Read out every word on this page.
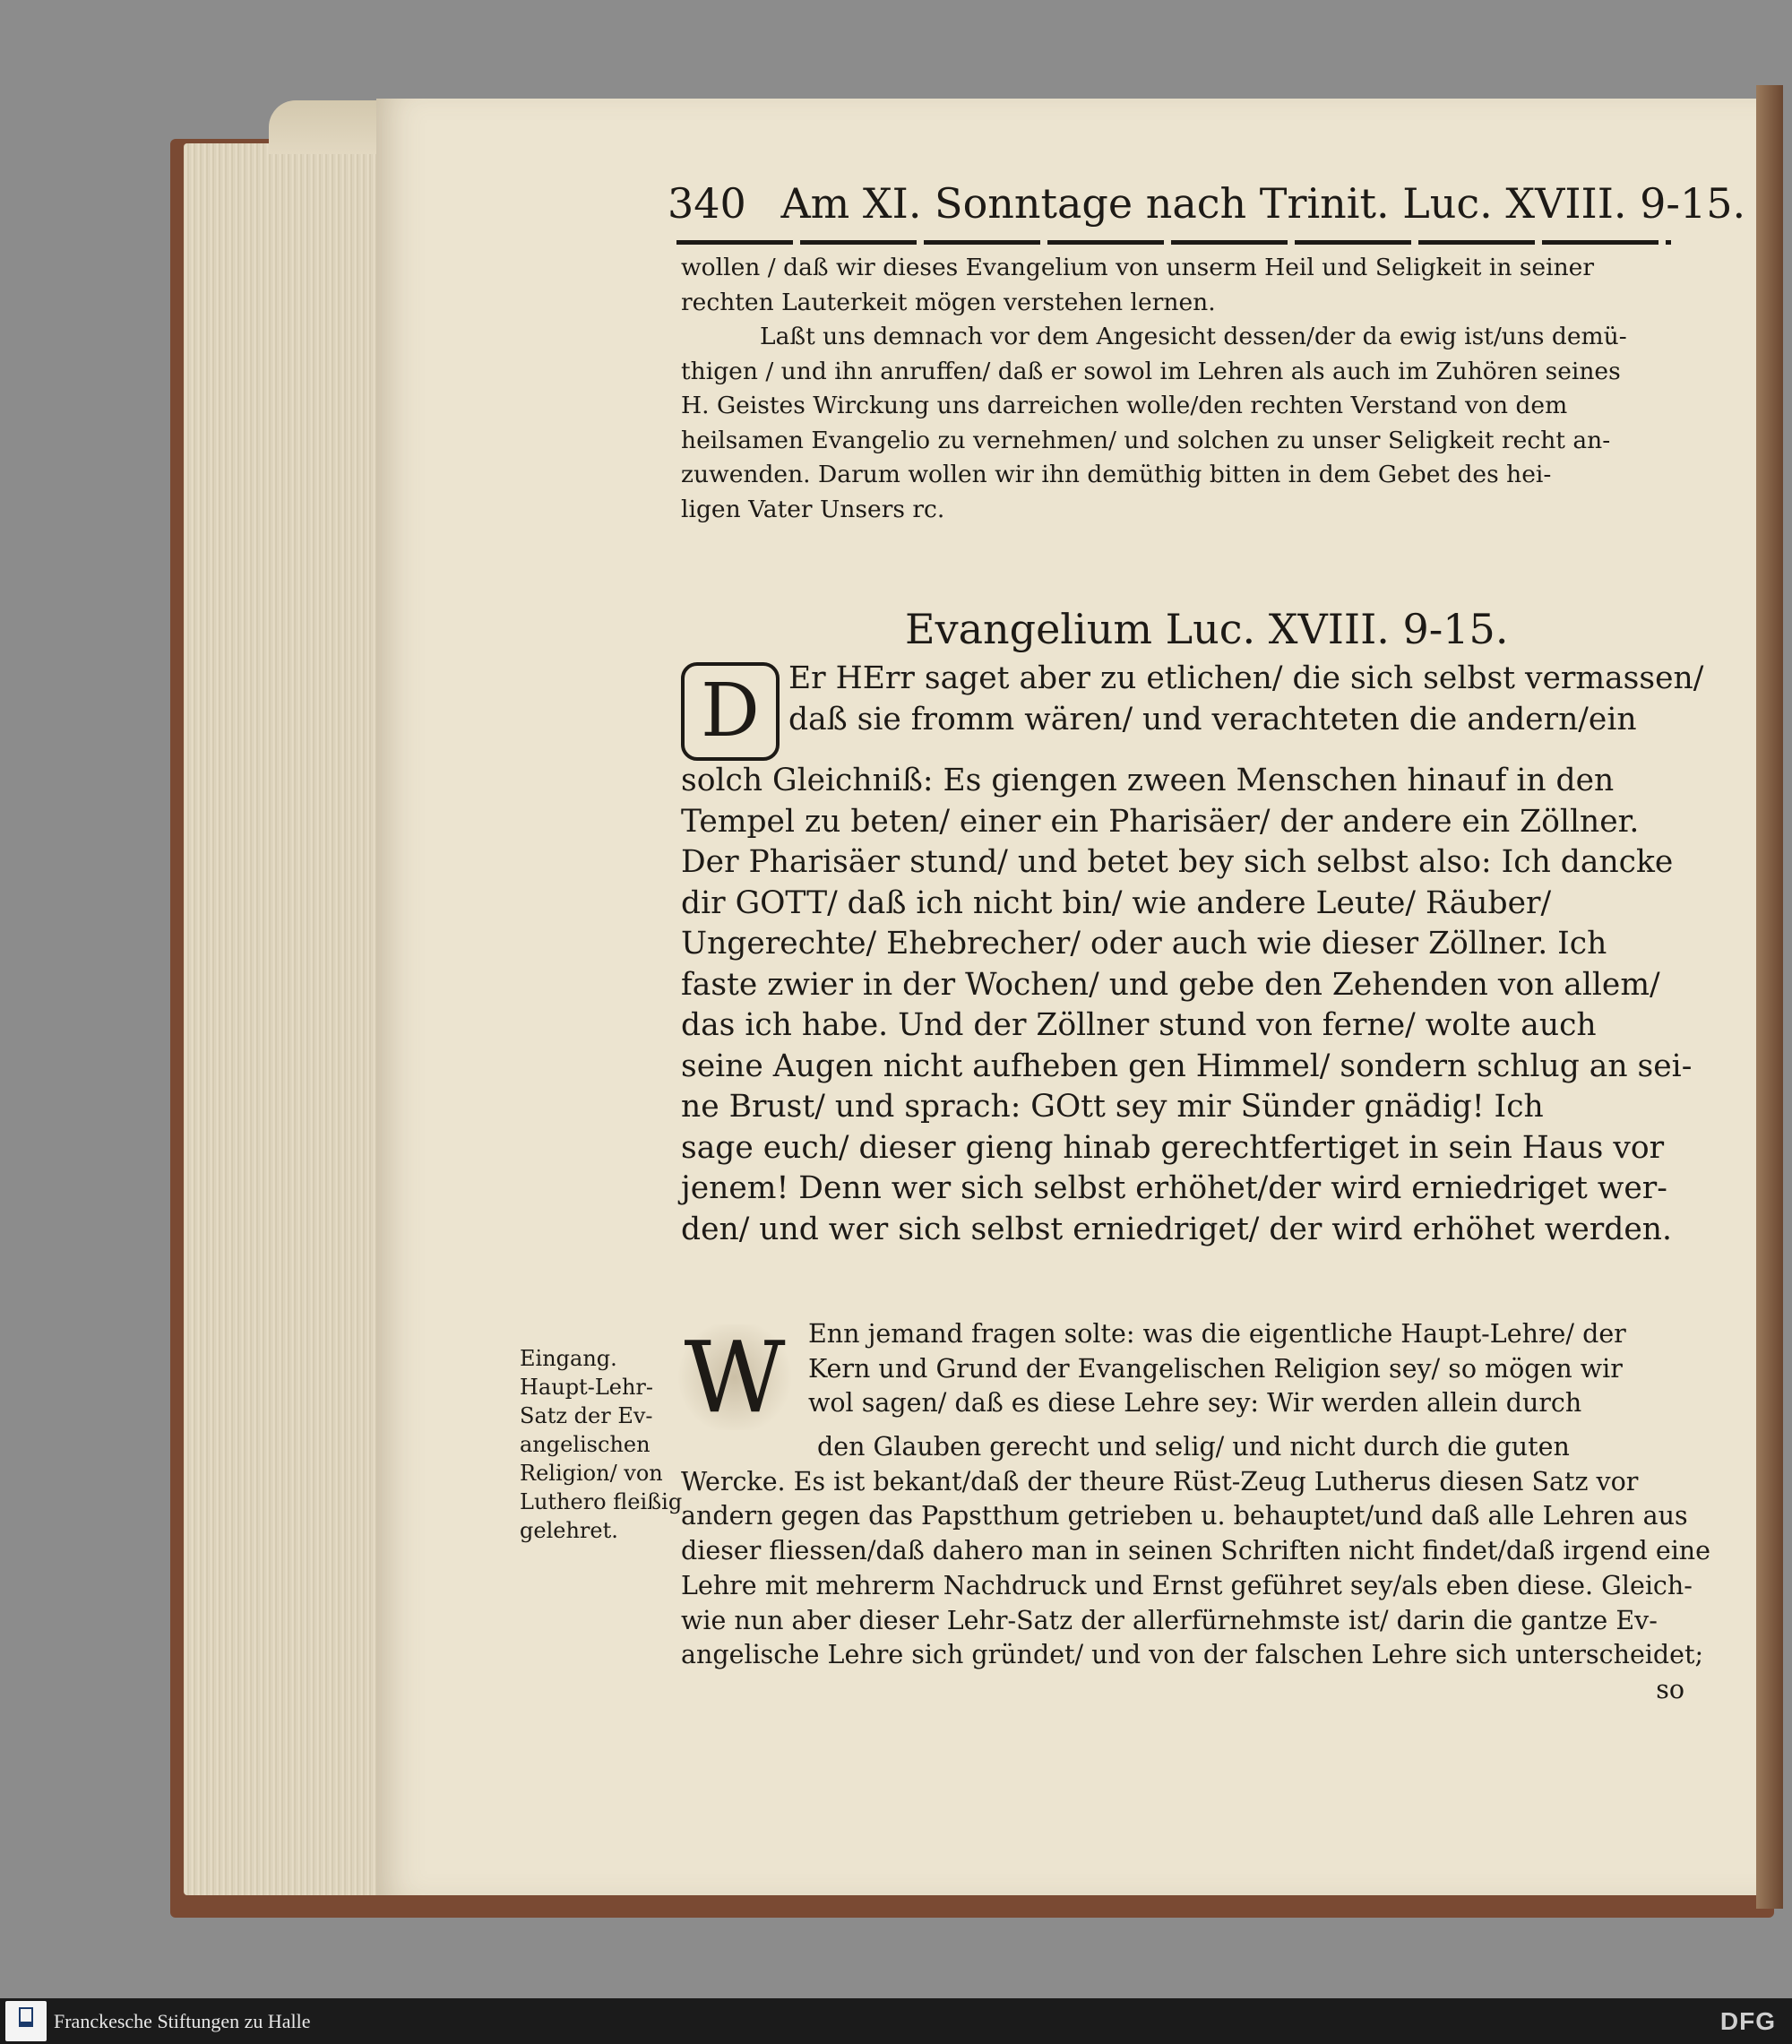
340 Am XI. Sonntage nach Trinit. Luc. XVIII. 9-15.
wollen / daß wir dieses Evangelium von unserm Heil und Seligkeit in seiner
rechten Lauterkeit mögen verstehen lernen.
Laßt uns demnach vor dem Angesicht dessen/der da ewig ist/uns demü-
thigen / und ihn anruffen/ daß er sowol im Lehren als auch im Zuhören seines
H. Geistes Wirckung uns darreichen wolle/den rechten Verstand von dem
heilsamen Evangelio zu vernehmen/ und solchen zu unser Seligkeit recht an-
zuwenden. Darum wollen wir ihn demüthig bitten in dem Gebet des hei-
ligen Vater Unsers rc.
Evangelium Luc. XVIII. 9-15.
D Er HErr saget aber zu etlichen/ die sich selbst vermassen/
daß sie fromm wären/ und verachteten die andern/ein
solch Gleichniß: Es giengen zween Menschen hinauf in den
Tempel zu beten/ einer ein Pharisäer/ der andere ein Zöllner.
Der Pharisäer stund/ und betet bey sich selbst also: Ich dancke
dir GOTT/ daß ich nicht bin/ wie andere Leute/ Räuber/
Ungerechte/ Ehebrecher/ oder auch wie dieser Zöllner. Ich
faste zwier in der Wochen/ und gebe den Zehenden von allem/
das ich habe. Und der Zöllner stund von ferne/ wolte auch
seine Augen nicht aufheben gen Himmel/ sondern schlug an sei-
ne Brust/ und sprach: GOtt sey mir Sünder gnädig! Ich
sage euch/ dieser gieng hinab gerechtfertiget in sein Haus vor
jenem! Denn wer sich selbst erhöhet/der wird erniedriget wer-
den/ und wer sich selbst erniedriget/ der wird erhöhet werden.
Eingang.
Haupt-Lehr-
Satz der Ev-
angelischen
Religion/ von
Luthero fleißig
gelehret.
W Enn jemand fragen solte: was die eigentliche Haupt-Lehre/ der
Kern und Grund der Evangelischen Religion sey/ so mögen wir
wol sagen/ daß es diese Lehre sey: Wir werden allein durch
den Glauben gerecht und selig/ und nicht durch die guten
Wercke. Es ist bekant/daß der theure Rüst-Zeug Lutherus diesen Satz vor
andern gegen das Papstthum getrieben u. behauptet/und daß alle Lehren aus
dieser fliessen/daß dahero man in seinen Schriften nicht findet/daß irgend eine
Lehre mit mehrerm Nachdruck und Ernst geführet sey/als eben diese. Gleich-
wie nun aber dieser Lehr-Satz der allerfürnehmste ist/ darin die gantze Ev-
angelische Lehre sich gründet/ und von der falschen Lehre sich unterscheidet;
so
Franckesche Stiftungen zu Halle	DFG
